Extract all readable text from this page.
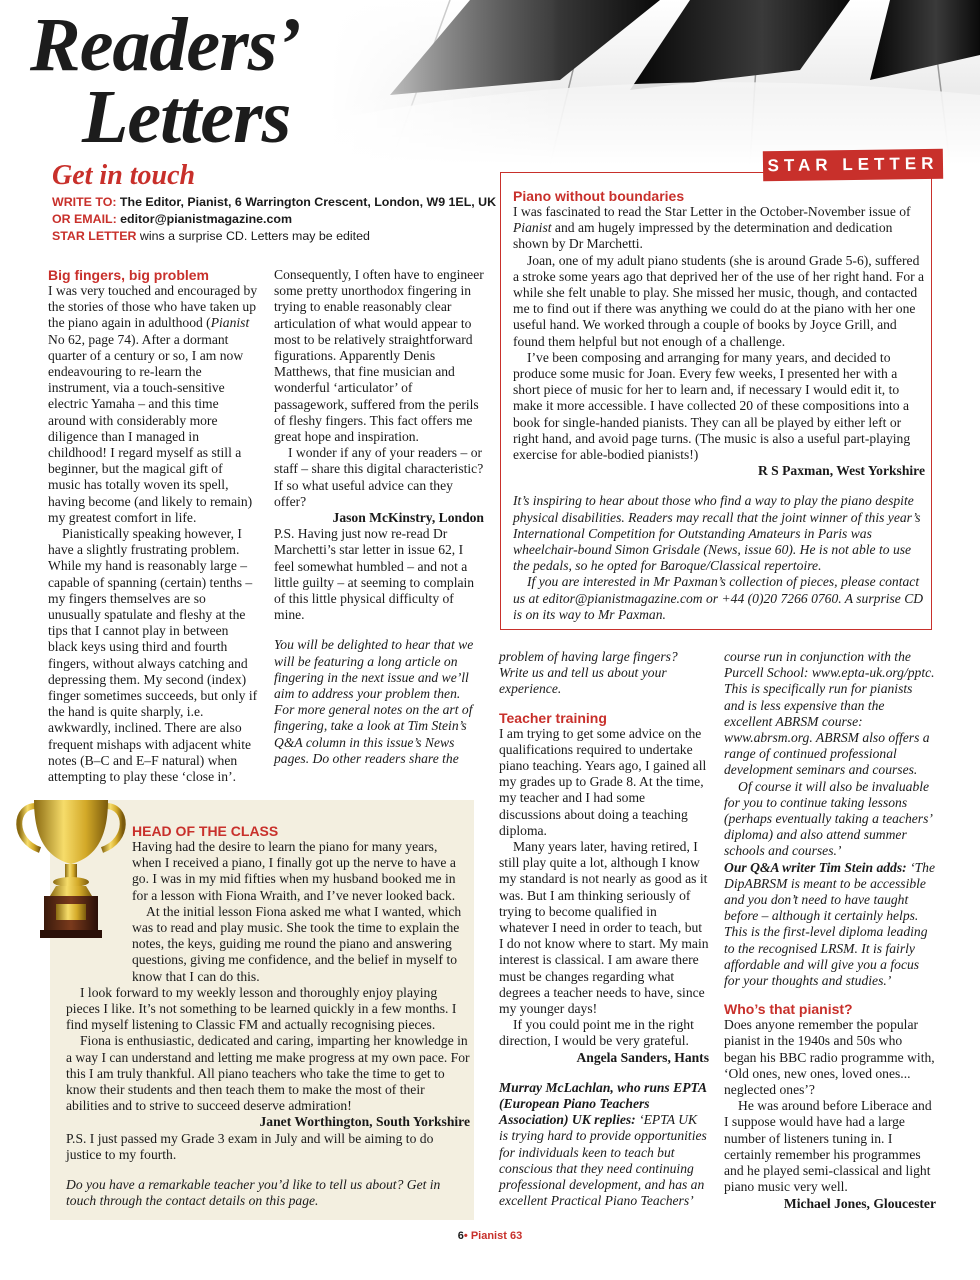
Readers’
Letters
Get in touch
WRITE TO: The Editor, Pianist, 6 Warrington Crescent, London, W9 1EL, UK
OR EMAIL: editor@pianistmagazine.com
STAR LETTER wins a surprise CD. Letters may be edited
STAR LETTER
Piano without boundaries

I was fascinated to read the Star Letter in the October-November issue of Pianist and am hugely impressed by the determination and dedication shown by Dr Marchetti.

Joan, one of my adult piano students (she is around Grade 5-6), suffered a stroke some years ago that deprived her of the use of her right hand. For a while she felt unable to play. She missed her music, though, and contacted me to find out if there was anything we could do at the piano with her one useful hand. We worked through a couple of books by Joyce Grill, and found them helpful but not enough of a challenge.

I’ve been composing and arranging for many years, and decided to produce some music for Joan. Every few weeks, I presented her with a short piece of music for her to learn and, if necessary I would edit it, to make it more accessible. I have collected 20 of these compositions into a book for single-handed pianists. They can all be played by either left or right hand, and avoid page turns. (The music is also a useful part-playing exercise for able-bodied pianists!)

R S Paxman, West Yorkshire

It’s inspiring to hear about those who find a way to play the piano despite physical disabilities. Readers may recall that the joint winner of this year’s International Competition for Outstanding Amateurs in Paris was wheelchair-bound Simon Grisdale (News, issue 60). He is not able to use the pedals, so he opted for Baroque/Classical repertoire.

If you are interested in Mr Paxman’s collection of pieces, please contact us at editor@pianistmagazine.com or +44 (0)20 7266 0760. A surprise CD is on its way to Mr Paxman.

Big fingers, big problem

I was very touched and encouraged by the stories of those who have taken up the piano again in adulthood (Pianist No 62, page 74). After a dormant quarter of a century or so, I am now endeavouring to re-learn the instrument, via a touch-sensitive electric Yamaha – and this time around with considerably more diligence than I managed in childhood! I regard myself as still a beginner, but the magical gift of music has totally woven its spell, having become (and likely to remain) my greatest comfort in life.

Pianistically speaking however, I have a slightly frustrating problem. While my hand is reasonably large – capable of spanning (certain) tenths – my fingers themselves are so unusually spatulate and fleshy at the tips that I cannot play in between black keys using third and fourth fingers, without always catching and depressing them. My second (index) finger sometimes succeeds, but only if the hand is quite sharply, i.e. awkwardly, inclined. There are also frequent mishaps with adjacent white notes (B–C and E–F natural) when attempting to play these ‘close in’.

Consequently, I often have to engineer some pretty unorthodox fingering in trying to enable reasonably clear articulation of what would appear to most to be relatively straightforward figurations. Apparently Denis Matthews, that fine musician and wonderful ‘articulator’ of passagework, suffered from the perils of fleshy fingers. This fact offers me great hope and inspiration.

I wonder if any of your readers – or staff – share this digital characteristic? If so what useful advice can they offer?

Jason McKinstry, London

P.S. Having just now re-read Dr Marchetti’s star letter in issue 62, I feel somewhat humbled – and not a little guilty – at seeming to complain of this little physical difficulty of mine.

You will be delighted to hear that we will be featuring a long article on fingering in the next issue and we’ll aim to address your problem then. For more general notes on the art of fingering, take a look at Tim Stein’s Q&A column in this issue’s News pages. Do other readers share the

HEAD OF THE CLASS

Having had the desire to learn the piano for many years, when I received a piano, I finally got up the nerve to have a go. I was in my mid fifties when my husband booked me in for a lesson with Fiona Wraith, and I’ve never looked back.

At the initial lesson Fiona asked me what I wanted, which was to read and play music. She took the time to explain the notes, the keys, guiding me round the piano and answering questions, giving me confidence, and the belief in myself to know that I can do this.

I look forward to my weekly lesson and thoroughly enjoy playing pieces I like. It’s not something to be learned quickly in a few months. I find myself listening to Classic FM and actually recognising pieces.

Fiona is enthusiastic, dedicated and caring, imparting her knowledge in a way I can understand and letting me make progress at my own pace. For this I am truly thankful. All piano teachers who take the time to get to know their students and then teach them to make the most of their abilities and to strive to succeed deserve admiration!

Janet Worthington, South Yorkshire

P.S. I just passed my Grade 3 exam in July and will be aiming to do justice to my fourth.

Do you have a remarkable teacher you’d like to tell us about? Get in touch through the contact details on this page.

problem of having large fingers? Write us and tell us about your experience.

Teacher training

I am trying to get some advice on the qualifications required to undertake piano teaching. Years ago, I gained all my grades up to Grade 8. At the time, my teacher and I had some discussions about doing a teaching diploma.

Many years later, having retired, I still play quite a lot, although I know my standard is not nearly as good as it was. But I am thinking seriously of trying to become qualified in whatever I need in order to teach, but I do not know where to start. My main interest is classical. I am aware there must be changes regarding what degrees a teacher needs to have, since my younger days!

If you could point me in the right direction, I would be very grateful.

Angela Sanders, Hants

Murray McLachlan, who runs EPTA (European Piano Teachers Association) UK replies: ‘EPTA UK is trying hard to provide opportunities for individuals keen to teach but conscious that they need continuing professional development, and has an excellent Practical Piano Teachers’

course run in conjunction with the Purcell School: www.epta-uk.org/pptc. This is specifically run for pianists and is less expensive than the excellent ABRSM course: www.abrsm.org. ABRSM also offers a range of continued professional development seminars and courses.

Of course it will also be invaluable for you to continue taking lessons (perhaps eventually taking a teachers’ diploma) and also attend summer schools and courses.’

Our Q&A writer Tim Stein adds: ‘The DipABRSM is meant to be accessible and you don’t need to have taught before – although it certainly helps. This is the first-level diploma leading to the recognised LRSM. It is fairly affordable and will give you a focus for your thoughts and studies.’

Who’s that pianist?

Does anyone remember the popular pianist in the 1940s and 50s who began his BBC radio programme with, ‘Old ones, new ones, loved ones... neglected ones’?

He was around before Liberace and I suppose would have had a large number of listeners tuning in. I certainly remember his programmes and he played semi-classical and light piano music very well.

Michael Jones, Gloucester

6• Pianist 63
